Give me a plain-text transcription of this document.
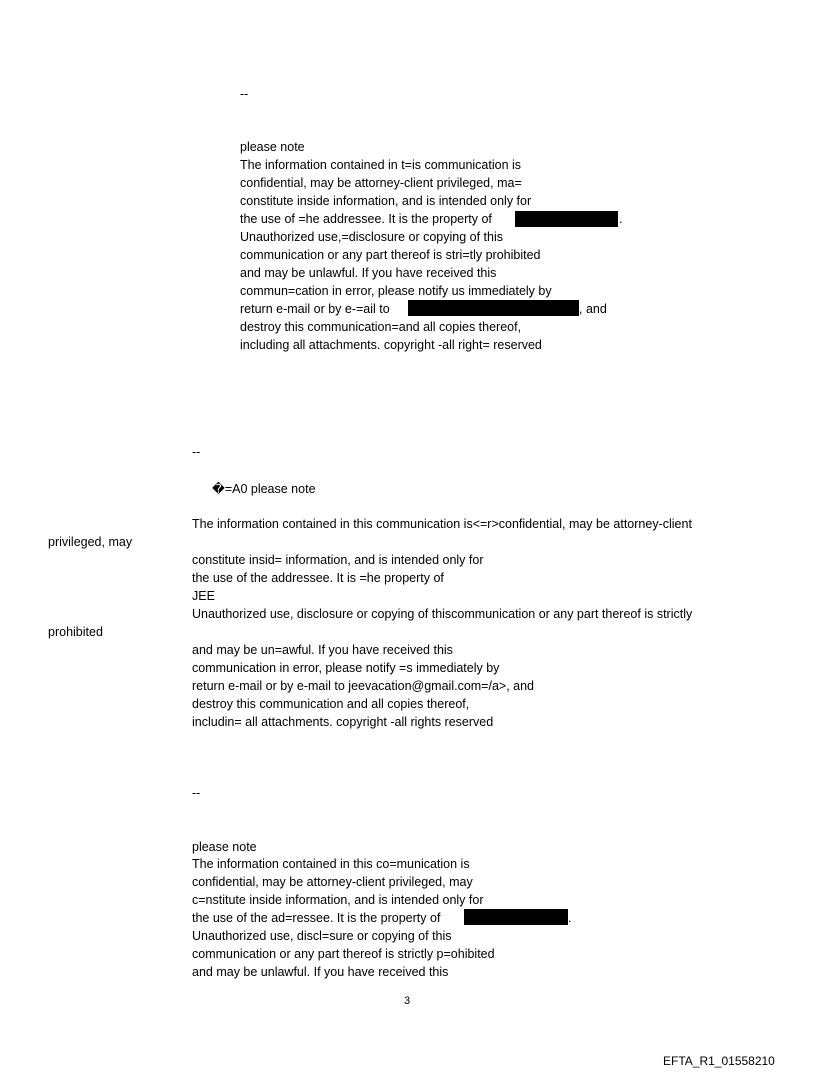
--
please note
The information contained in t=is communication is
confidential, may be attorney-client privileged, ma=
constitute inside information, and is intended only for
the use of =he addressee. It is the property of	.
Unauthorized use,=disclosure or copying of this
communication or any part thereof is stri=tly prohibited
and may be unlawful. If you have received this
commun=cation in error, please notify us immediately by
return e-mail or by e-=ail to	, and
destroy this communication=and all copies thereof,
including all attachments. copyright -all right= reserved
--
�=A0 please note
The information contained in this communication is<=r>confidential, may be attorney-client
privileged, may
constitute insid= information, and is intended only for
the use of the addressee. It is =he property of
JEE
Unauthorized use, disclosure or copying of thiscommunication or any part thereof is strictly
prohibited
and may be un=awful. If you have received this
communication in error, please notify =s immediately by
return e-mail or by e-mail to jeevacation@gmail.com=/a>, and
destroy this communication and all copies thereof,
includin= all attachments. copyright -all rights reserved
--
please note
The information contained in this co=munication is
confidential, may be attorney-client privileged, may
c=nstitute inside information, and is intended only for
the use of the ad=ressee. It is the property of	.
Unauthorized use, discl=sure or copying of this
communication or any part thereof is strictly p=ohibited
and may be unlawful. If you have received this
3
EFTA_R1_01558210
